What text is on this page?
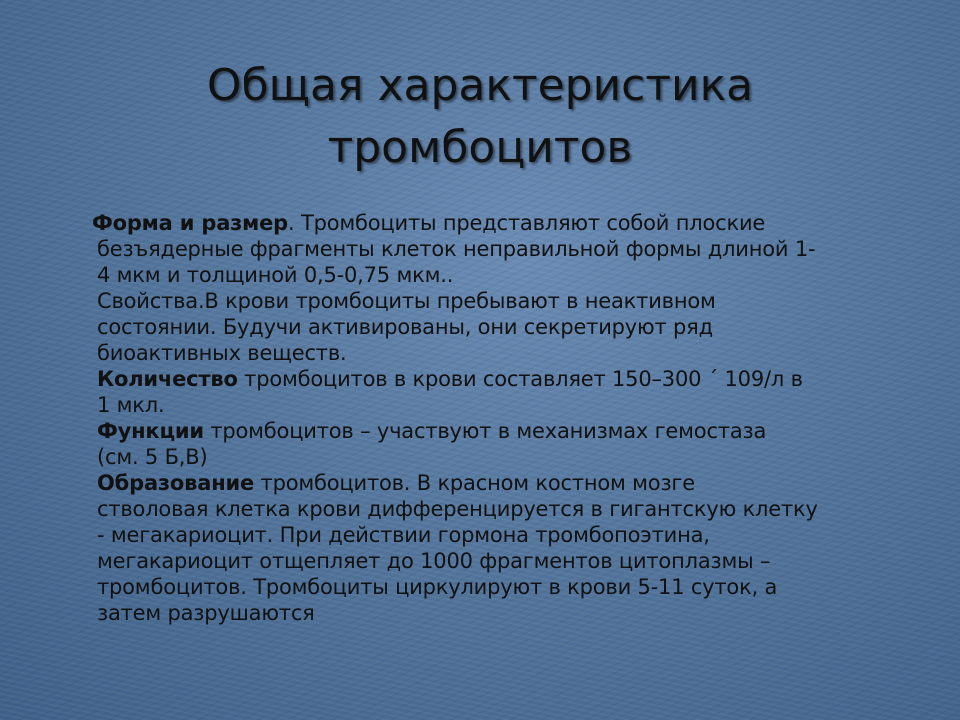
Общая характеристика
тромбоцитов
Форма и размер. Тромбоциты представляют собой плоские
безъядерные фрагменты клеток неправильной формы длиной 1-
4 мкм и толщиной 0,5-0,75 мкм..
Свойства.В крови тромбоциты пребывают в неактивном
состоянии. Будучи активированы, они секретируют ряд
биоактивных веществ.
Количество тромбоцитов в крови составляет 150–300 ´ 109/л в
1 мкл.
Функции тромбоцитов – участвуют в механизмах гемостаза
(см. 5 Б,В)
Образование тромбоцитов. В красном костном мозге
стволовая клетка крови дифференцируется в гигантскую клетку
- мегакариоцит. При действии гормона тромбопоэтина,
мегакариоцит отщепляет до 1000 фрагментов цитоплазмы –
тромбоцитов. Тромбоциты циркулируют в крови 5-11 суток, а
затем разрушаются
